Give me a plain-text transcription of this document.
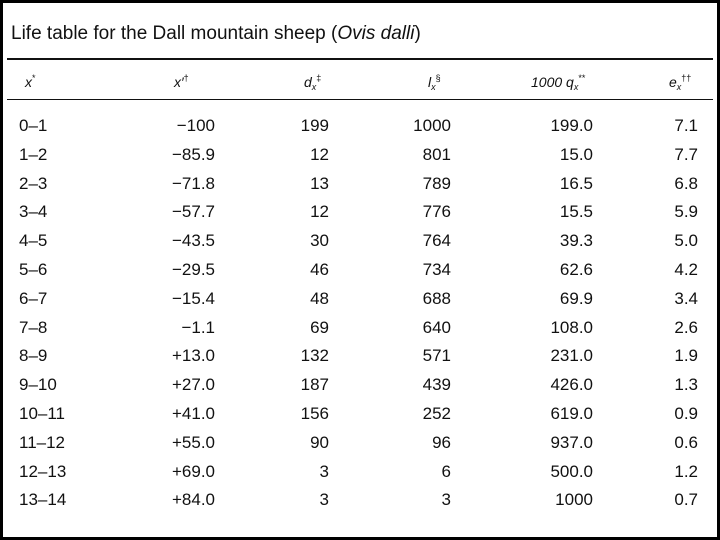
Life table for the Dall mountain sheep (Ovis dalli)
x*	x′†	$d_x^\ddagger$	$l_x^\S$	1000 $q_x^{**}$	$e_x^{\dagger\dagger}$
0–1	−100	199	1000	199.0	7.1
1–2	−85.9	12	801	15.0	7.7
2–3	−71.8	13	789	16.5	6.8
3–4	−57.7	12	776	15.5	5.9
4–5	−43.5	30	764	39.3	5.0
5–6	−29.5	46	734	62.6	4.2
6–7	−15.4	48	688	69.9	3.4
7–8	−1.1	69	640	108.0	2.6
8–9	+13.0	132	571	231.0	1.9
9–10	+27.0	187	439	426.0	1.3
10–11	+41.0	156	252	619.0	0.9
11–12	+55.0	90	96	937.0	0.6
12–13	+69.0	3	6	500.0	1.2
13–14	+84.0	3	3	1000	0.7
